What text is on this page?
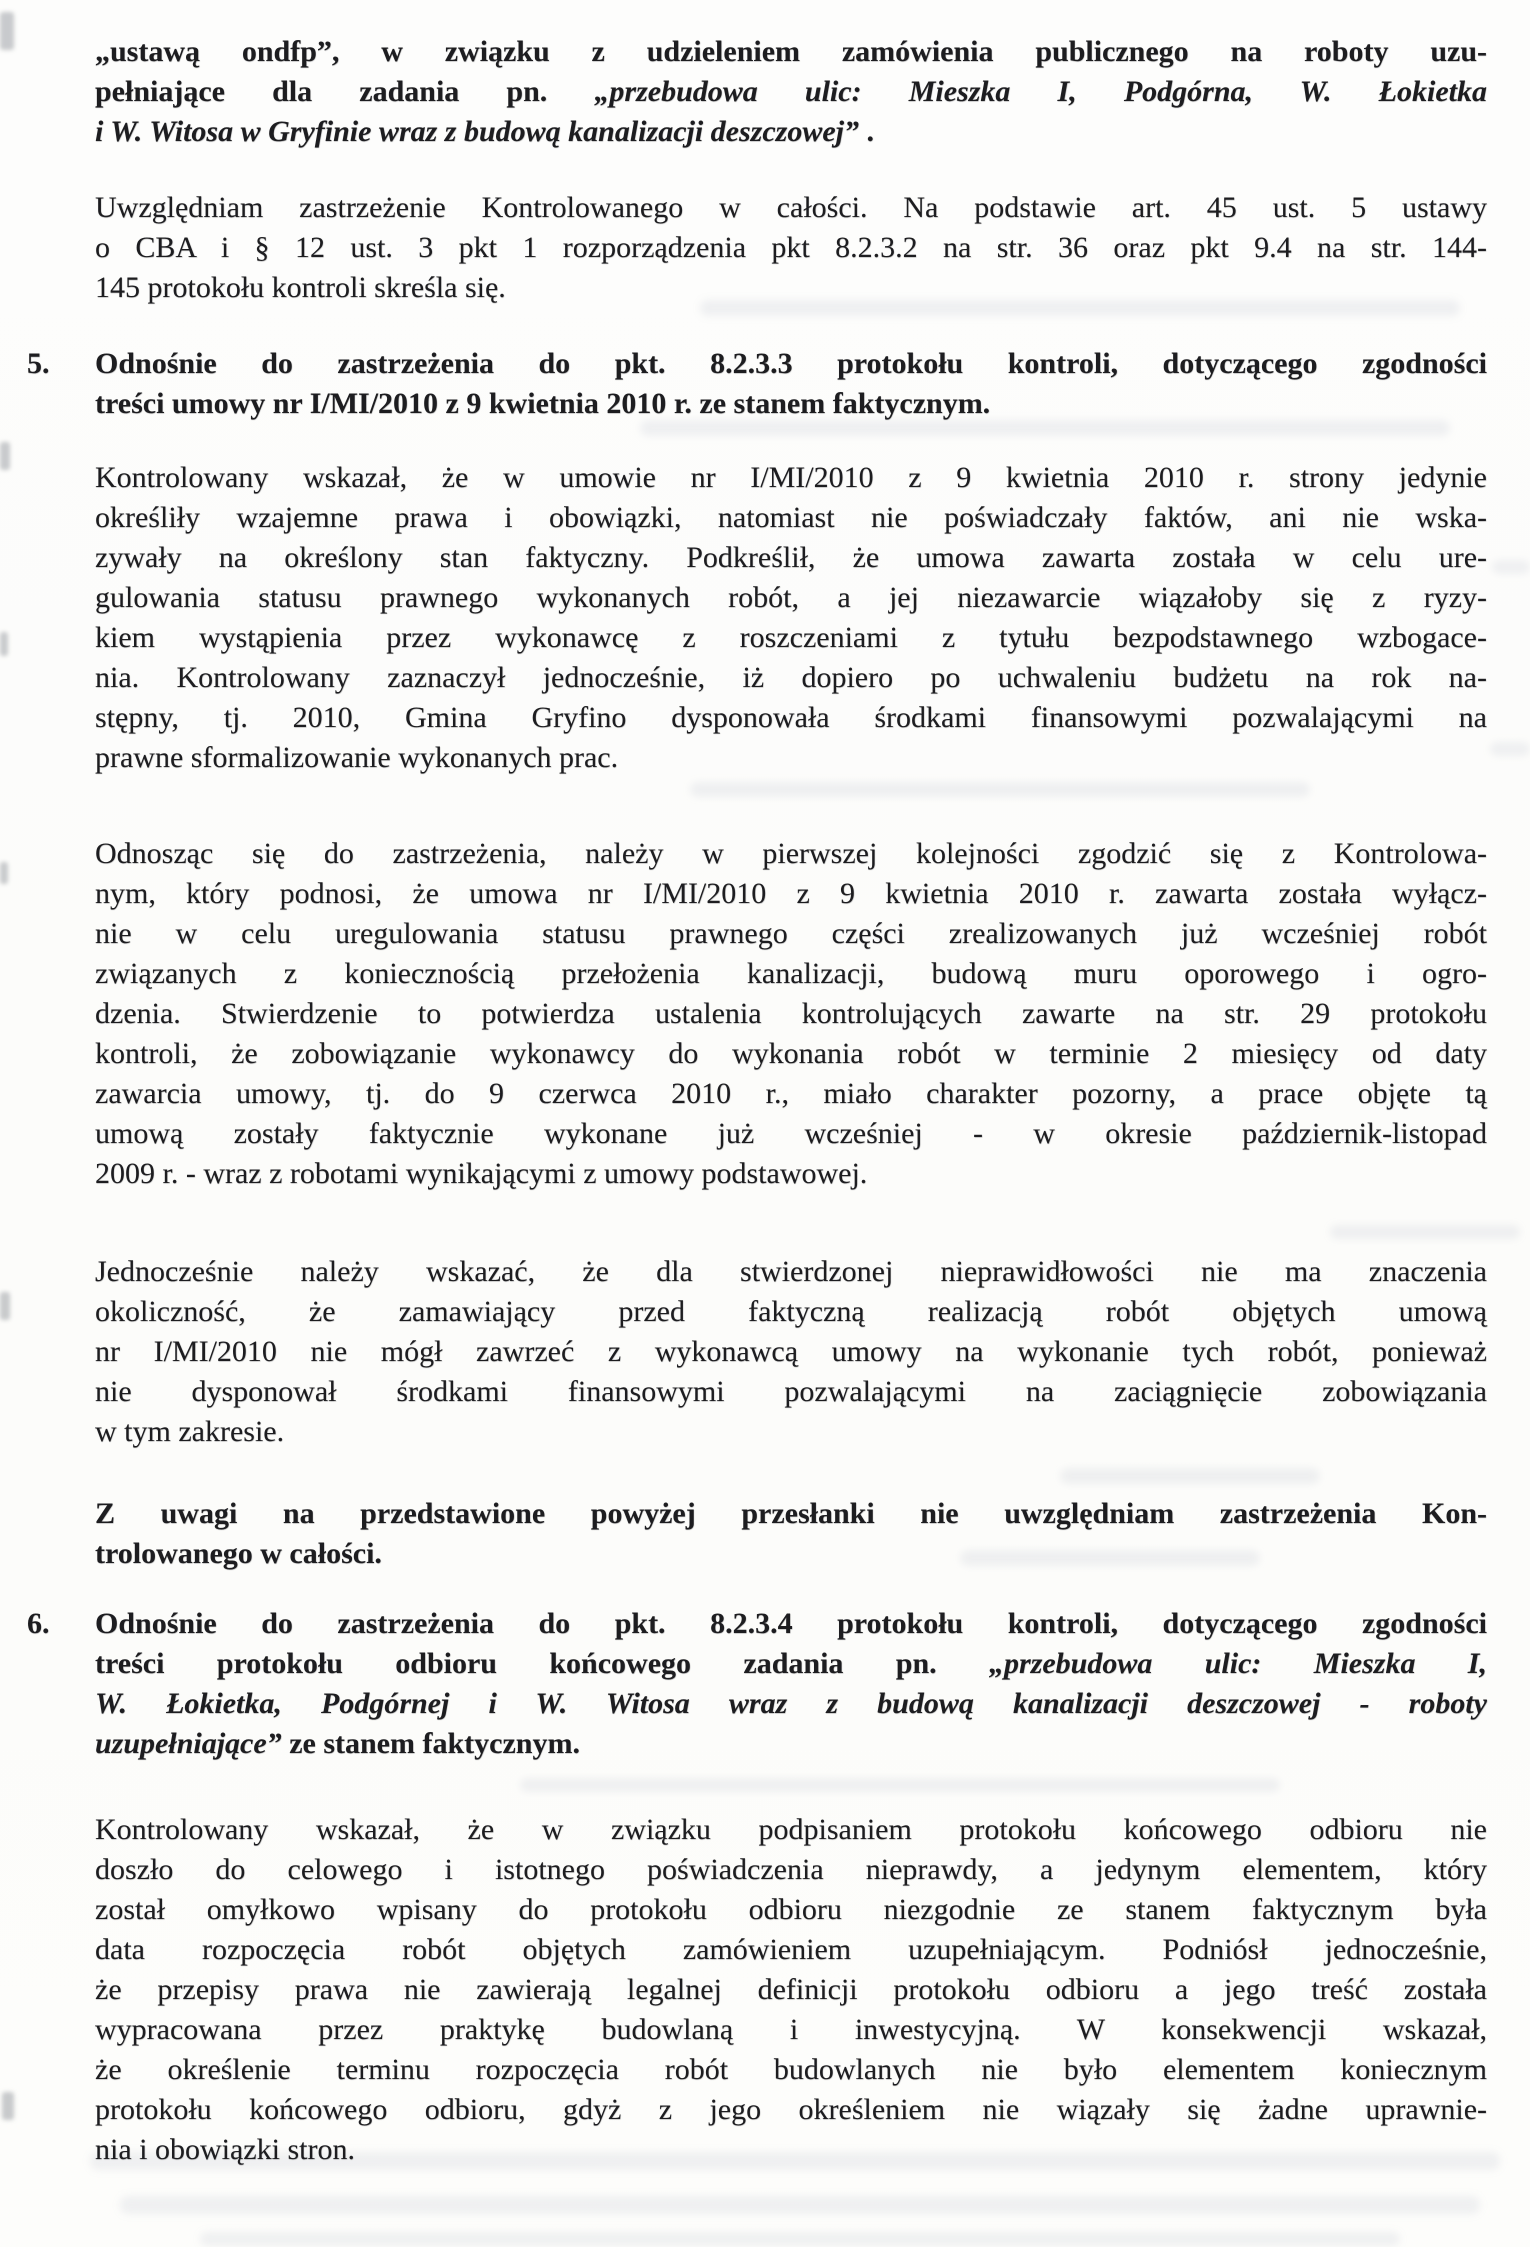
„ustawą ondfp”, w związku z udzieleniem zamówienia publicznego na roboty uzu-
pełniające dla zadania pn. „przebudowa ulic: Mieszka I, Podgórna, W. Łokietka
i W. Witosa w Gryfinie wraz z budową kanalizacji deszczowej” .
Uwzględniam zastrzeżenie Kontrolowanego w całości. Na podstawie art. 45 ust. 5 ustawy
o CBA i § 12 ust. 3 pkt 1 rozporządzenia pkt 8.2.3.2 na str. 36 oraz pkt 9.4 na str. 144-
145 protokołu kontroli skreśla się.
5. Odnośnie do zastrzeżenia do pkt. 8.2.3.3 protokołu kontroli, dotyczącego zgodności
treści umowy nr I/MI/2010 z 9 kwietnia 2010 r. ze stanem faktycznym.
Kontrolowany wskazał, że w umowie nr I/MI/2010 z 9 kwietnia 2010 r. strony jedynie
określiły wzajemne prawa i obowiązki, natomiast nie poświadczały faktów, ani nie wska-
zywały na określony stan faktyczny. Podkreślił, że umowa zawarta została w celu ure-
gulowania statusu prawnego wykonanych robót, a jej niezawarcie wiązałoby się z ryzy-
kiem wystąpienia przez wykonawcę z roszczeniami z tytułu bezpodstawnego wzbogace-
nia. Kontrolowany zaznaczył jednocześnie, iż dopiero po uchwaleniu budżetu na rok na-
stępny, tj. 2010, Gmina Gryfino dysponowała środkami finansowymi pozwalającymi na
prawne sformalizowanie wykonanych prac.
Odnosząc się do zastrzeżenia, należy w pierwszej kolejności zgodzić się z Kontrolowa-
nym, który podnosi, że umowa nr I/MI/2010 z 9 kwietnia 2010 r. zawarta została wyłącz-
nie w celu uregulowania statusu prawnego części zrealizowanych już wcześniej robót
związanych z koniecznością przełożenia kanalizacji, budową muru oporowego i ogro-
dzenia. Stwierdzenie to potwierdza ustalenia kontrolujących zawarte na str. 29 protokołu
kontroli, że zobowiązanie wykonawcy do wykonania robót w terminie 2 miesięcy od daty
zawarcia umowy, tj. do 9 czerwca 2010 r., miało charakter pozorny, a prace objęte tą
umową zostały faktycznie wykonane już wcześniej - w okresie październik-listopad
2009 r. - wraz z robotami wynikającymi z umowy podstawowej.
Jednocześnie należy wskazać, że dla stwierdzonej nieprawidłowości nie ma znaczenia
okoliczność, że zamawiający przed faktyczną realizacją robót objętych umową
nr I/MI/2010 nie mógł zawrzeć z wykonawcą umowy na wykonanie tych robót, ponieważ
nie dysponował środkami finansowymi pozwalającymi na zaciągnięcie zobowiązania
w tym zakresie.
Z uwagi na przedstawione powyżej przesłanki nie uwzględniam zastrzeżenia Kon-
trolowanego w całości.
6. Odnośnie do zastrzeżenia do pkt. 8.2.3.4 protokołu kontroli, dotyczącego zgodności
treści protokołu odbioru końcowego zadania pn. „przebudowa ulic: Mieszka I,
W. Łokietka, Podgórnej i W. Witosa wraz z budową kanalizacji deszczowej - roboty
uzupełniające” ze stanem faktycznym.
Kontrolowany wskazał, że w związku podpisaniem protokołu końcowego odbioru nie
doszło do celowego i istotnego poświadczenia nieprawdy, a jedynym elementem, który
został omyłkowo wpisany do protokołu odbioru niezgodnie ze stanem faktycznym była
data rozpoczęcia robót objętych zamówieniem uzupełniającym. Podniósł jednocześnie,
że przepisy prawa nie zawierają legalnej definicji protokołu odbioru a jego treść została
wypracowana przez praktykę budowlaną i inwestycyjną. W konsekwencji wskazał,
że określenie terminu rozpoczęcia robót budowlanych nie było elementem koniecznym
protokołu końcowego odbioru, gdyż z jego określeniem nie wiązały się żadne uprawnie-
nia i obowiązki stron.
